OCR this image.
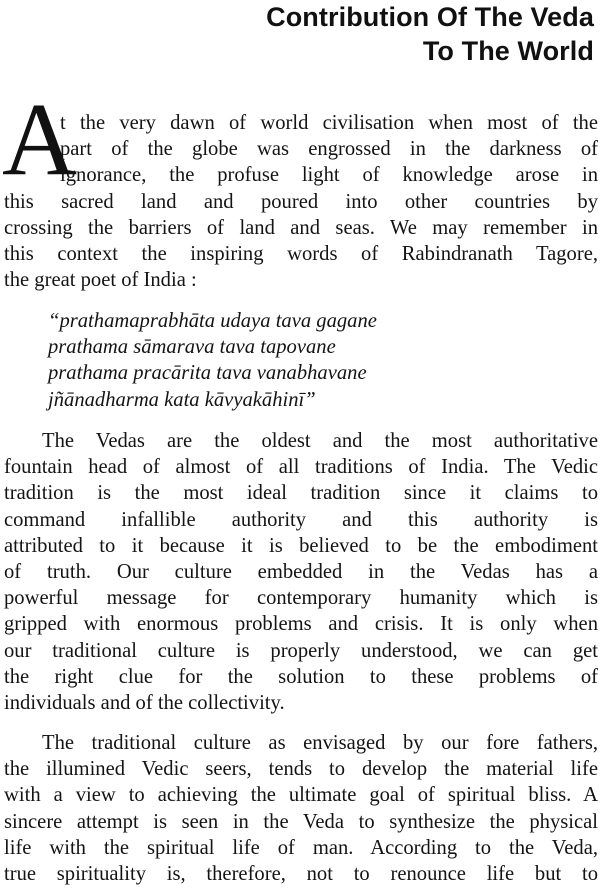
Contribution Of The Veda
To The World
A
t the very dawn of world civilisation when most of the
part of the globe was engrossed in the darkness of
ignorance, the profuse light of knowledge arose in
this sacred land and poured into other countries by
crossing the barriers of land and seas. We may remember in
this context the inspiring words of Rabindranath Tagore,
the great poet of India :
“prathamaprabhāta udaya tava gagane
prathama sāmarava tava tapovane
prathama pracārita tava vanabhavane
jñānadharma kata kāvyakāhinī”
The Vedas are the oldest and the most authoritative
fountain head of almost of all traditions of India. The Vedic
tradition is the most ideal tradition since it claims to
command infallible authority and this authority is
attributed to it because it is believed to be the embodiment
of truth. Our culture embedded in the Vedas has a
powerful message for contemporary humanity which is
gripped with enormous problems and crisis. It is only when
our traditional culture is properly understood, we can get
the right clue for the solution to these problems of
individuals and of the collectivity.
The traditional culture as envisaged by our fore fathers,
the illumined Vedic seers, tends to develop the material life
with a view to achieving the ultimate goal of spiritual bliss. A
sincere attempt is seen in the Veda to synthesize the physical
life with the spiritual life of man. According to the Veda,
true spirituality is, therefore, not to renounce life but to
